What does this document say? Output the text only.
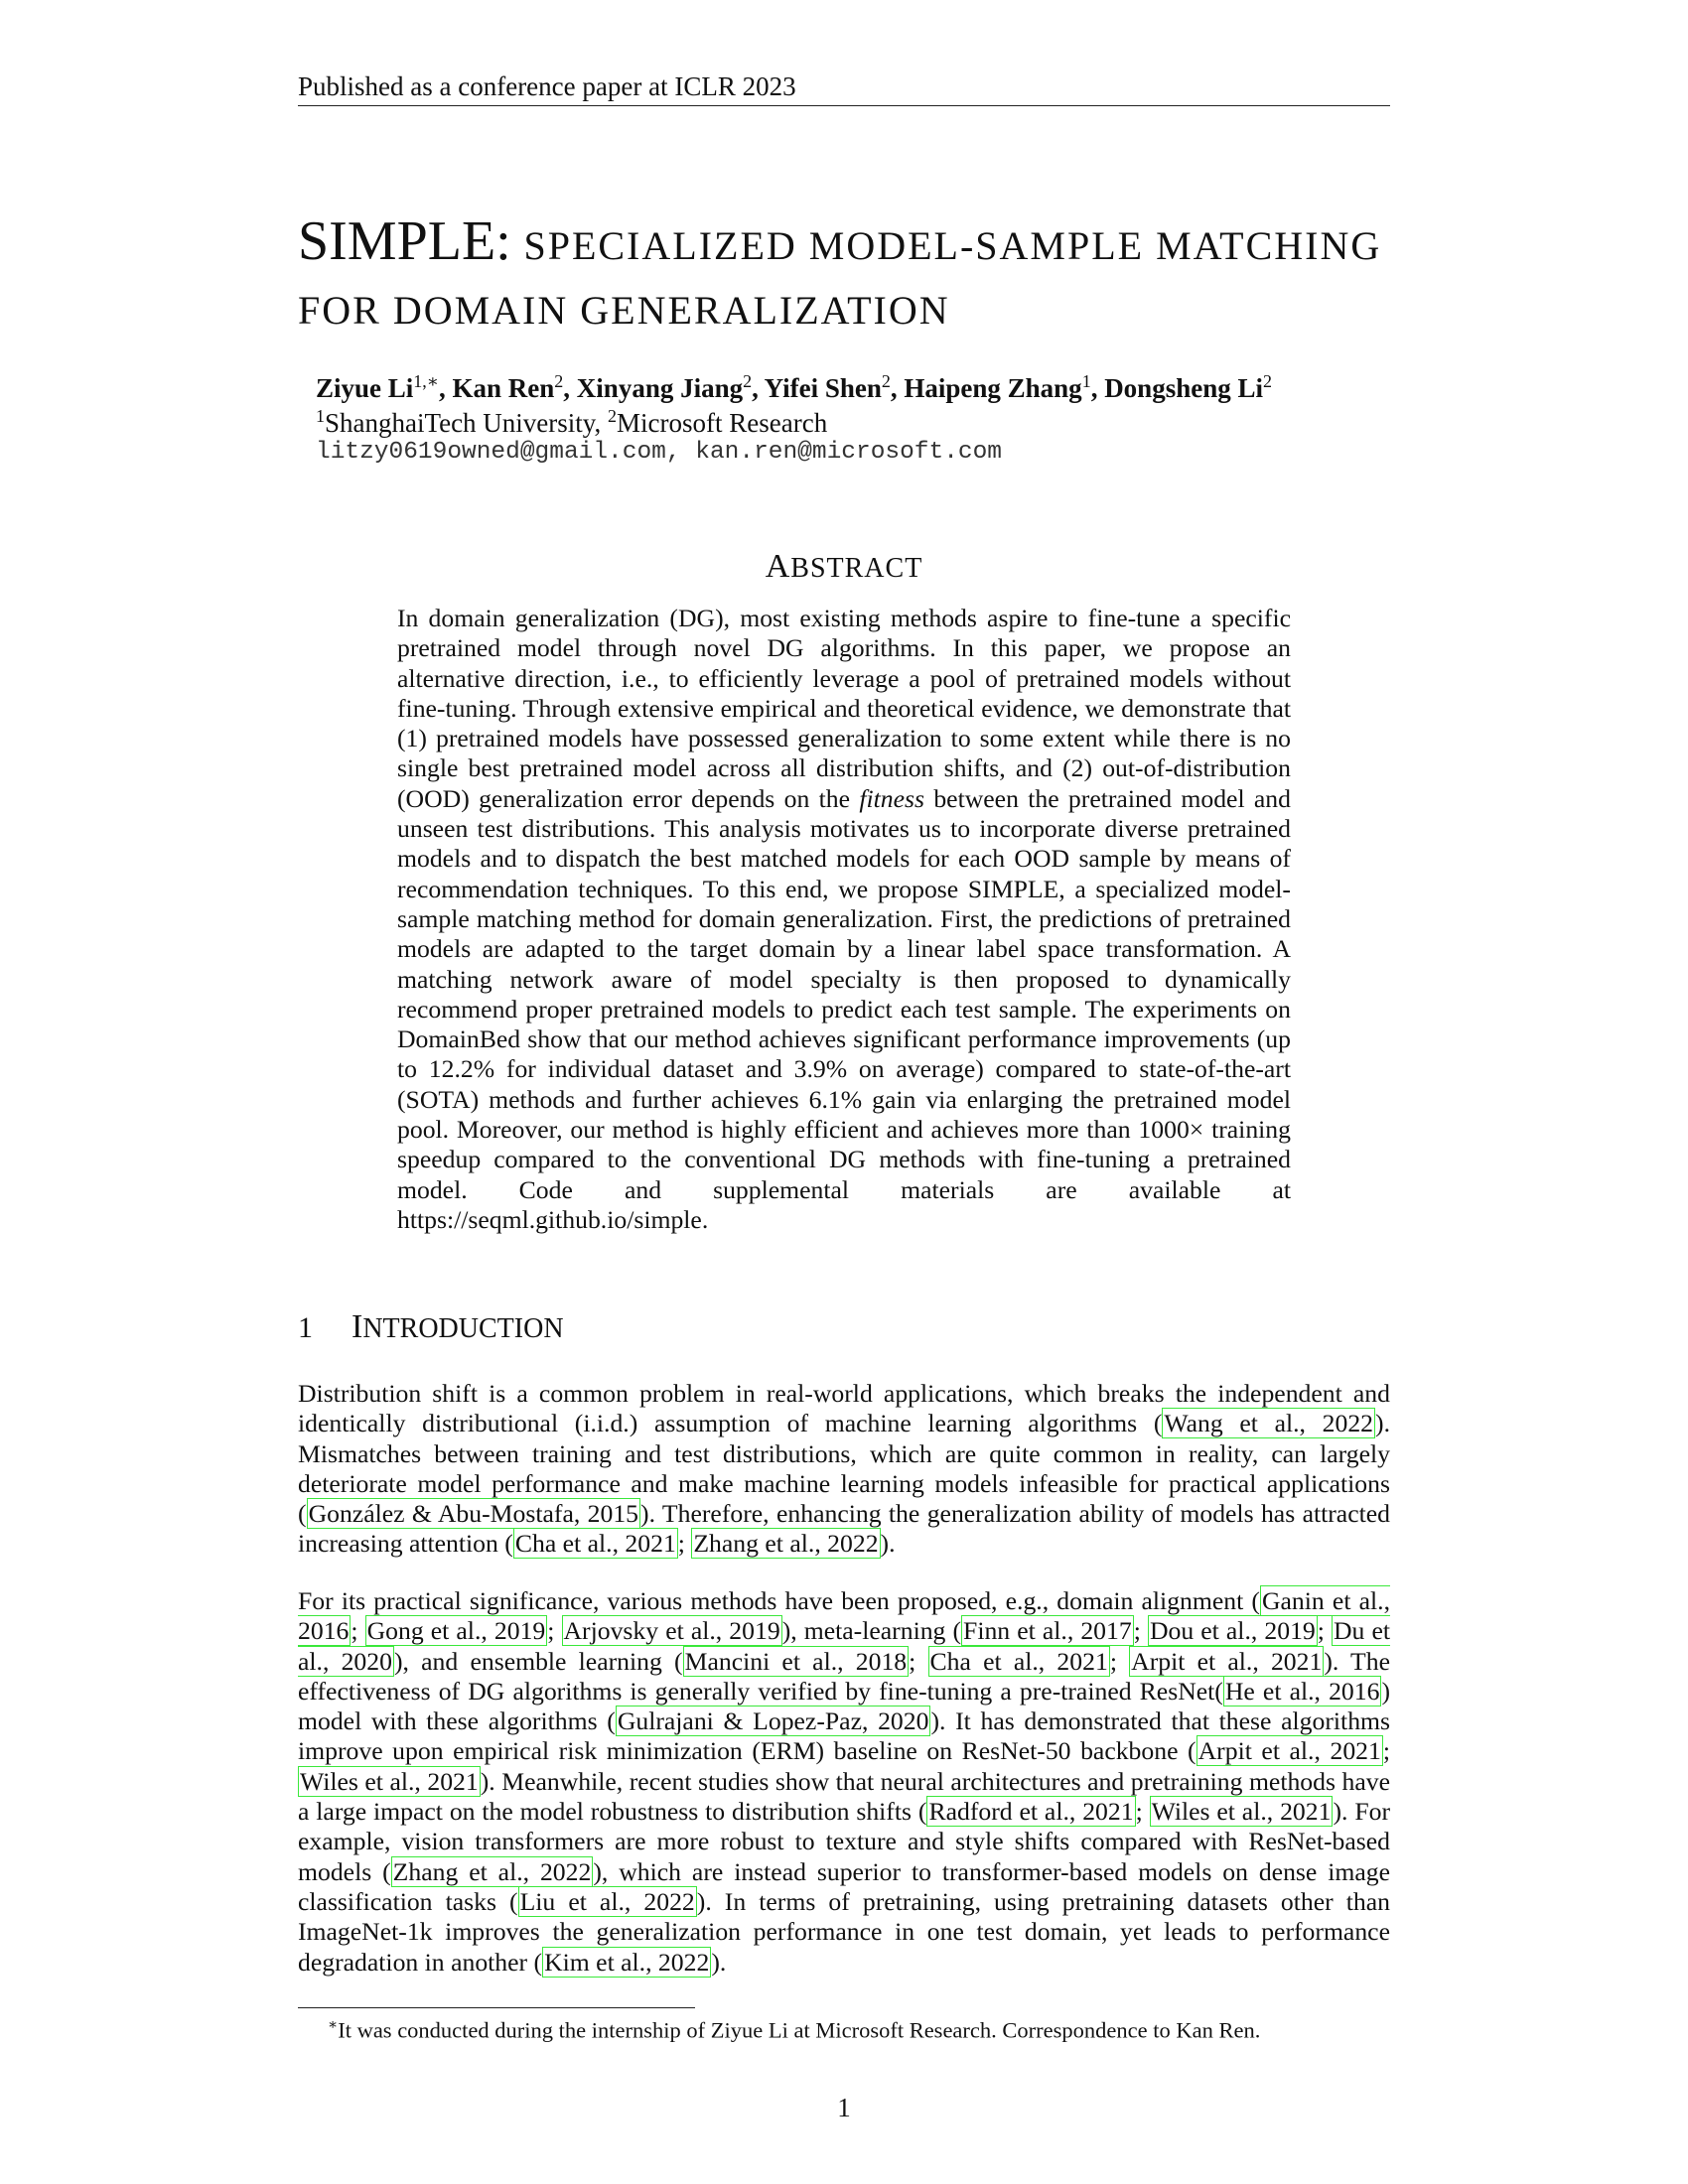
Published as a conference paper at ICLR 2023
SIMPLE: SPECIALIZED MODEL-SAMPLE MATCHING
FOR DOMAIN GENERALIZATION
Ziyue $Li^{1,∗}$, Kan Ren$^2$, Xinyang Jiang$^2$, Yifei Shen$^2$, Haipeng Zhang$^1$, Dongsheng Li$^2$
$^1$ShanghaiTech University, $^2$Microsoft Research
litzy0619owned@gmail.com, kan.ren@microsoft.com
ABSTRACT
In domain generalization (DG), most existing methods aspire to fine-tune a specific pretrained model through novel DG algorithms. In this paper, we propose an alternative direction, i.e., to efficiently leverage a pool of pretrained models without fine-tuning. Through extensive empirical and theoretical evidence, we demonstrate that (1) pretrained models have possessed generalization to some extent while there is no single best pretrained model across all distribution shifts, and (2) out-of-distribution (OOD) generalization error depends on the fitness between the pretrained model and unseen test distributions. This analysis motivates us to incorporate diverse pretrained models and to dispatch the best matched models for each OOD sample by means of recommendation techniques. To this end, we propose SIMPLE, a specialized model-sample matching method for domain generalization. First, the predictions of pretrained models are adapted to the target domain by a linear label space transformation. A matching network aware of model specialty is then proposed to dynamically recommend proper pretrained models to predict each test sample. The experiments on DomainBed show that our method achieves significant performance improvements (up to 12.2% for individual dataset and 3.9% on average) compared to state-of-the-art (SOTA) methods and further achieves 6.1% gain via enlarging the pretrained model pool. Moreover, our method is highly efficient and achieves more than 1000× training speedup compared to the conventional DG methods with fine-tuning a pretrained model. Code and supplemental materials are available at https://seqml.github.io/simple.
1 INTRODUCTION
Distribution shift is a common problem in real-world applications, which breaks the independent and identically distributional (i.i.d.) assumption of machine learning algorithms (Wang et al., 2022). Mismatches between training and test distributions, which are quite common in reality, can largely deteriorate model performance and make machine learning models infeasible for practical applications (González & Abu-Mostafa, 2015). Therefore, enhancing the generalization ability of models has attracted increasing attention (Cha et al., 2021; Zhang et al., 2022).
For its practical significance, various methods have been proposed, e.g., domain alignment (Ganin et al., 2016; Gong et al., 2019; Arjovsky et al., 2019), meta-learning (Finn et al., 2017; Dou et al., 2019; Du et al., 2020), and ensemble learning (Mancini et al., 2018; Cha et al., 2021; Arpit et al., 2021). The effectiveness of DG algorithms is generally verified by fine-tuning a pre-trained ResNet(He et al., 2016) model with these algorithms (Gulrajani & Lopez-Paz, 2020). It has demonstrated that these algorithms improve upon empirical risk minimization (ERM) baseline on ResNet-50 backbone (Arpit et al., 2021; Wiles et al., 2021). Meanwhile, recent studies show that neural architectures and pretraining methods have a large impact on the model robustness to distribution shifts (Radford et al., 2021; Wiles et al., 2021). For example, vision transformers are more robust to texture and style shifts compared with ResNet-based models (Zhang et al., 2022), which are instead superior to transformer-based models on dense image classification tasks (Liu et al., 2022). In terms of pretraining, using pretraining datasets other than ImageNet-1k improves the generalization performance in one test domain, yet leads to performance degradation in another (Kim et al., 2022).
∗It was conducted during the internship of Ziyue Li at Microsoft Research. Correspondence to Kan Ren.
1
